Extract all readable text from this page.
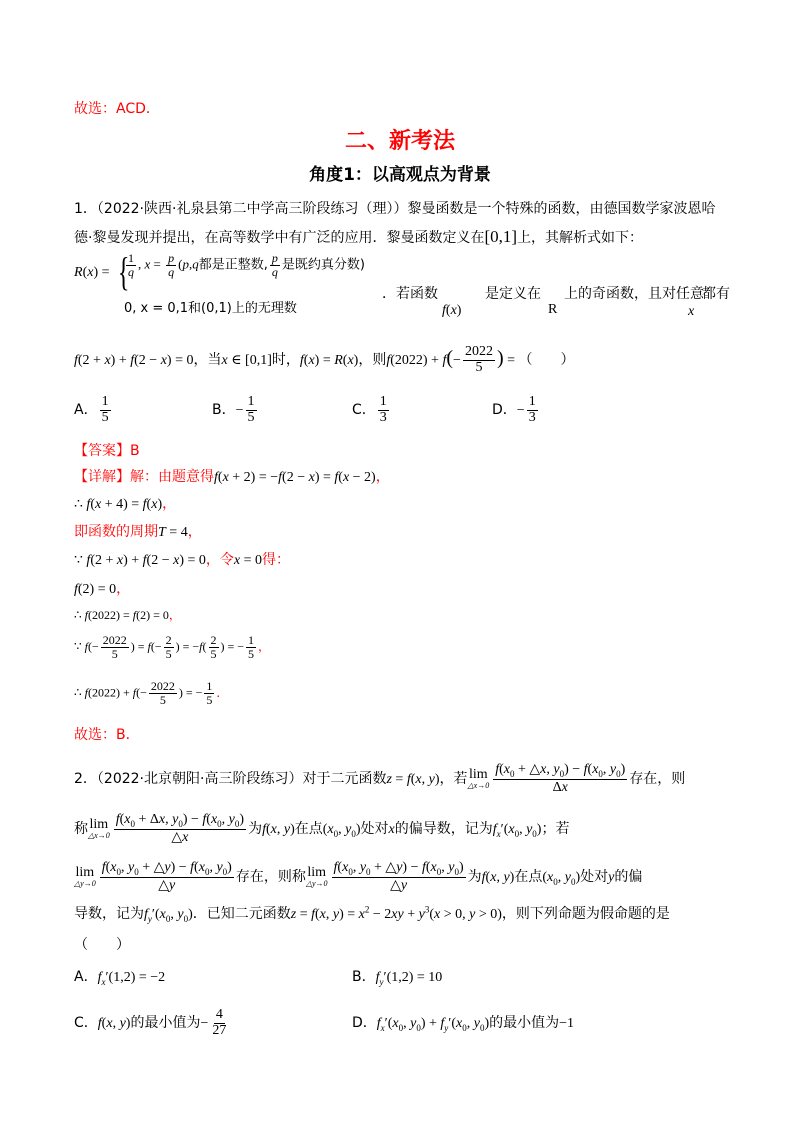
故选：ACD．
二、新考法
角度1：以高观点为背景
1．（2022·陕西·礼泉县第二中学高三阶段练习（理））黎曼函数是一个特殊的函数，由德国数学家波恩哈
德·黎曼发现并提出，在高等数学中有广泛的应用．黎曼函数定义在[0,1]上，其解析式如下：
R(x) = {
$\frac{1}{q}$ , $x = \frac{p}{q} (p,q$都是正整数, $\frac{p}{q}$ 是既约真分数)
0, x = 0,1和(0,1)上的无理数
．若函数
f(x)
是定义在
R
上的奇函数，且对任意
x
都有
f(2 + x) + f(2 − x) = 0，当x ∈ [0,1]时，f(x) = R(x)，则$f(2022) + f(- \frac{2022}{5}$ ) = （　　）
A． $\frac{1}{5}$	B．− $\frac{1}{5}$	C． $\frac{1}{3}$	D．− $\frac{1}{3}$
【答案】B
【详解】解：由题意得f(x + 2) = −f(2 − x) = f(x − 2)，
∴ f(x + 4) = f(x)，
即函数的周期T = 4，
∵ f(2 + x) + f(2 − x) = 0，令x = 0得：
f(2) = 0，
∴ f(2022) = f(2) = 0，
∵ $f(- \frac{2022}{5}$ ) = $f(- \frac{2}{5}$ ) = $-f( \frac{2}{5}$ ) = − $\frac{1}{5}$ ，
∴ $f(2022) + f(- \frac{2022}{5}$ ) = − $\frac{1}{5}$ ．
故选：B．
2．（2022·北京朝阳·高三阶段练习）对于二元函数z = f(x, y)，若 lim
△x→0 $\frac{f(x_0 + \triangle x, y_0) - f(x_0, y_0)}{\Delta x}$ 存在，则
称 lim
△x→0 $\frac{f(x_0 + \Delta x, y_0) - f(x_0, y_0)}{\triangle x}$ 为f(x, y)在点($x_0$, $y_0$)处对x的偏导数，记为$f_x'(x_0$, $y_0$)；若
lim
△y→0 $\frac{f(x_0, y_0 + \triangle y) - f(x_0, y_0)}{\triangle y}$ 存在，则称 lim
△y→0 $\frac{f(x_0, y_0 + \triangle y) - f(x_0, y_0)}{\triangle y}$ 为f(x, y)在点($x_0$, $y_0$)处对y的偏
导数，记为$f_y'(x_0$, $y_0$)．已知二元函数z = f(x, $y) = x^2 - 2xy + y^3(x > 0$, y > 0)，则下列命题为假命题的是
（　　）
A．$f_x'(1,2) = -2$	B．$f_y'(1,2) = 10$
C．f(x, y)的最小值为− $\frac{4}{27}$	D．$f_x'(x_0$, $y_0) + f_y'(x_0$, $y_0$)的最小值为−1
